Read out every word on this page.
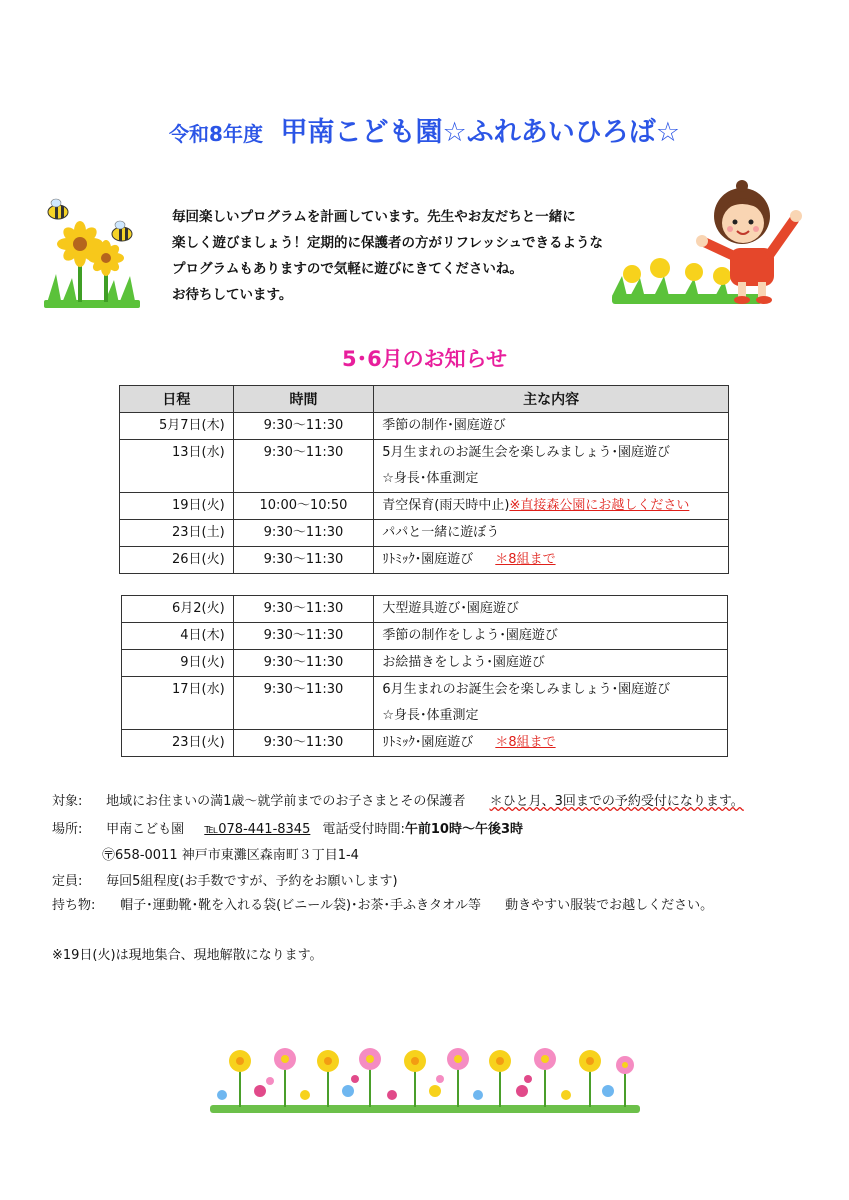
令和8年度 甲南こども園☆ふれあいひろば☆

毎回楽しいプログラムを計画しています。先生やお友だちと一緒に

楽しく遊びましょう！定期的に保護者の方がリフレッシュできるような

プログラムもありますので気軽に遊びにきてくださいね。

お待ちしています。

5･6月のお知らせ
日程	時間	主な内容

5月7日(木)	9:30～11:30	季節の制作･園庭遊び

13日(水)	9:30～11:30	5月生まれのお誕生会を楽しみましょう･園庭遊び
☆身長･体重測定

19日(火)	10:00～10:50	青空保育(雨天時中止)※直接森公園にお越しください

23日(土)	9:30～11:30	パパと一緒に遊ぼう

26日(火)	9:30～11:30	ﾘﾄﾐｯｸ･園庭遊び ＊8組まで
6月2(火)	9:30～11:30	大型遊具遊び･園庭遊び

4日(木)	9:30～11:30	季節の制作をしよう･園庭遊び

9日(火)	9:30～11:30	お絵描きをしよう･園庭遊び

17日(水)	9:30～11:30	6月生まれのお誕生会を楽しみましょう･園庭遊び
☆身長･体重測定

23日(火)	9:30～11:30	ﾘﾄﾐｯｸ･園庭遊び ＊8組まで
対象: 地域にお住まいの満1歳～就学前までのお子さまとその保護者 ＊ひと月、3回までの予約受付になります。
場所: 甲南こども園 ℡078-441-8345 電話受付時間:午前10時～午後3時
〶658-0011 神戸市東灘区森南町３丁目1-4
定員: 毎回5組程度(お手数ですが、予約をお願いします)
持ち物: 帽子･運動靴･靴を入れる袋(ビニール袋)･お茶･手ふきタオル等 動きやすい服装でお越しください。
※19日(火)は現地集合、現地解散になります。
